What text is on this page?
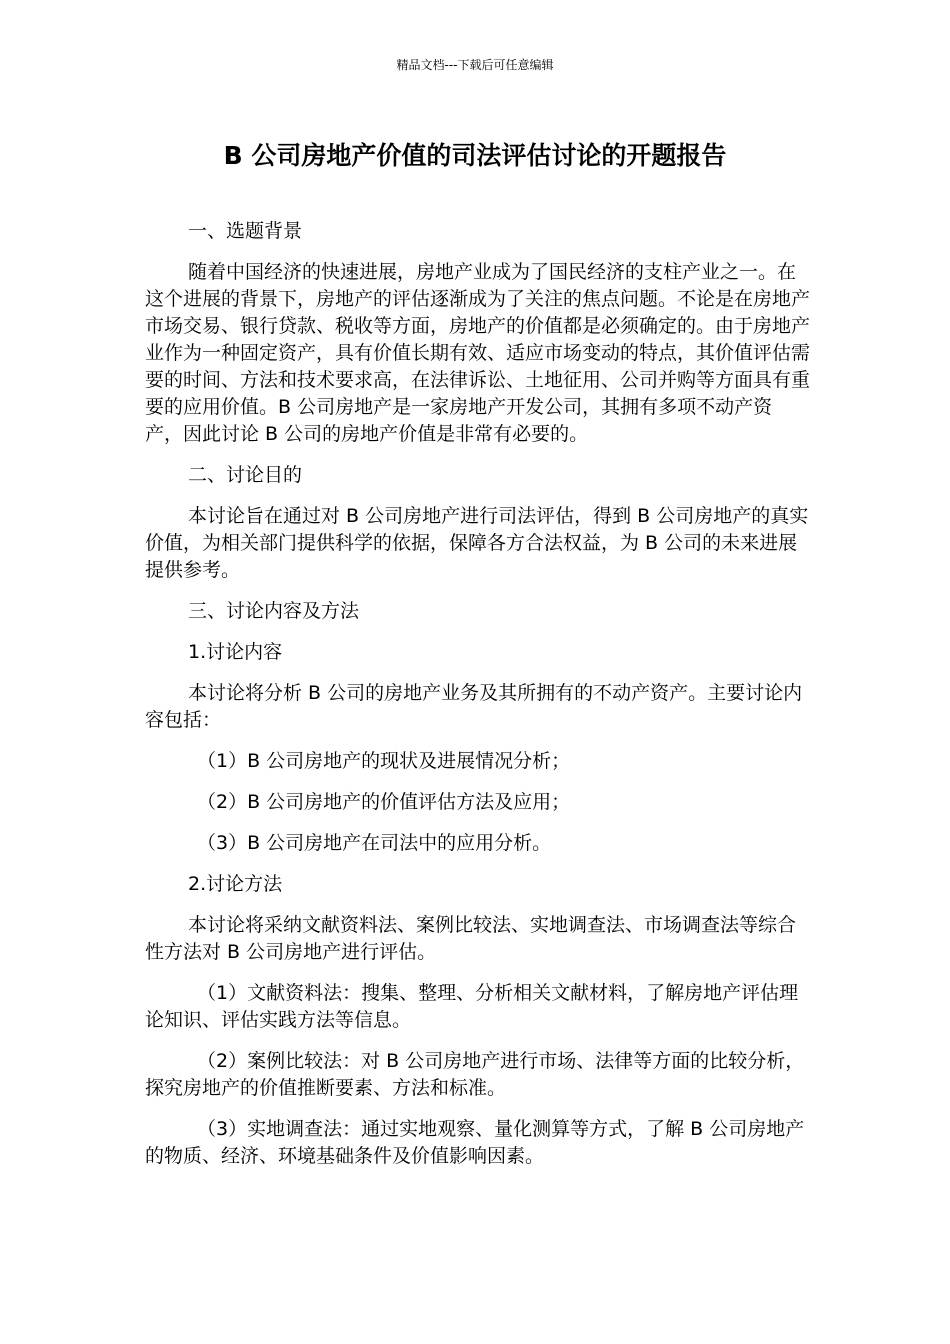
精品文档---下载后可任意编辑
B 公司房地产价值的司法评估讨论的开题报告

一、选题背景

随着中国经济的快速进展，房地产业成为了国民经济的支柱产业之一。在这个进展的背景下，房地产的评估逐渐成为了关注的焦点问题。不论是在房地产市场交易、银行贷款、税收等方面，房地产的价值都是必须确定的。由于房地产业作为一种固定资产，具有价值长期有效、适应市场变动的特点，其价值评估需要的时间、方法和技术要求高，在法律诉讼、土地征用、公司并购等方面具有重要的应用价值。B 公司房地产是一家房地产开发公司，其拥有多项不动产资产，因此讨论 B 公司的房地产价值是非常有必要的。

二、讨论目的

本讨论旨在通过对 B 公司房地产进行司法评估，得到 B 公司房地产的真实价值，为相关部门提供科学的依据，保障各方合法权益，为 B 公司的未来进展提供参考。

三、讨论内容及方法

1.讨论内容

本讨论将分析 B 公司的房地产业务及其所拥有的不动产资产。主要讨论内容包括：

（1）B 公司房地产的现状及进展情况分析；

（2）B 公司房地产的价值评估方法及应用；

（3）B 公司房地产在司法中的应用分析。

2.讨论方法

本讨论将采纳文献资料法、案例比较法、实地调查法、市场调查法等综合性方法对 B 公司房地产进行评估。

（1）文献资料法：搜集、整理、分析相关文献材料，了解房地产评估理论知识、评估实践方法等信息。

（2）案例比较法：对 B 公司房地产进行市场、法律等方面的比较分析，探究房地产的价值推断要素、方法和标准。

（3）实地调查法：通过实地观察、量化测算等方式，了解 B 公司房地产的物质、经济、环境基础条件及价值影响因素。
